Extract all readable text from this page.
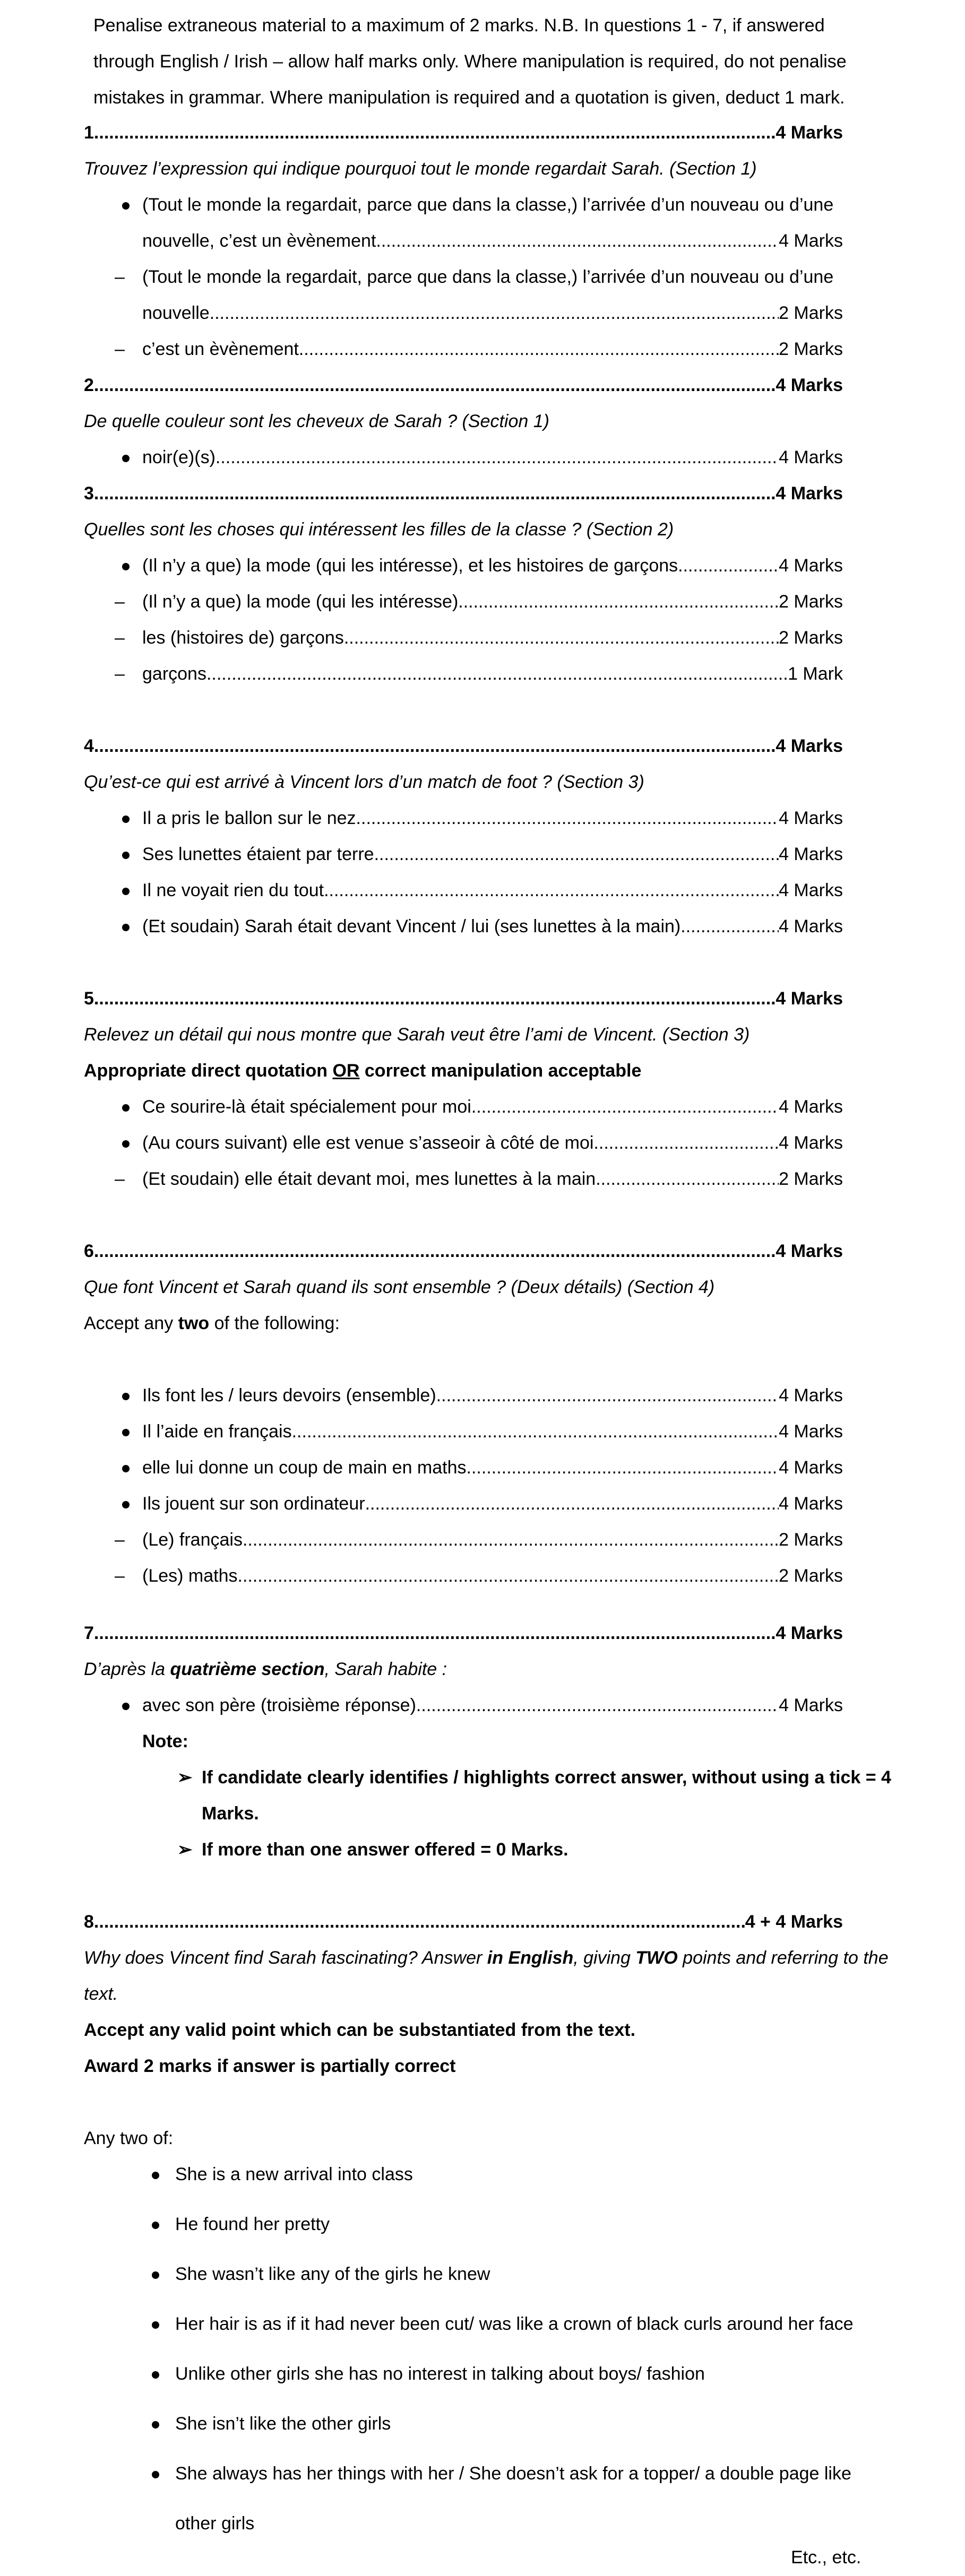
Penalise extraneous material to a maximum of 2 marks. N.B. In questions 1 - 7, if answered
through English / Irish – allow half marks only. Where manipulation is required, do not penalise
mistakes in grammar. Where manipulation is required and a quotation is given, deduct 1 mark.
1 .....	4 Marks
Trouvez l’expression qui indique pourquoi tout le monde regardait Sarah. (Section 1)
(Tout le monde la regardait, parce que dans la classe,) l’arrivée d’un nouveau ou d’une
nouvelle, c’est un èvènement. .....	4 Marks
– (Tout le monde la regardait, parce que dans la classe,) l’arrivée d’un nouveau ou d’une
nouvelle .....	2 Marks
– c’est un èvènement .....	2 Marks
2 .....	4 Marks
De quelle couleur sont les cheveux de Sarah ? (Section 1)
noir(e)(s) .....	4 Marks
3 .....	4 Marks
Quelles sont les choses qui intéressent les filles de la classe ? (Section 2)
(Il n’y a que) la mode (qui les intéresse), et les histoires de garçons .....	4 Marks
– (Il n’y a que) la mode (qui les intéresse) .....	2 Marks
– les (histoires de) garçons .....	2 Marks
– garçons .....	1 Mark
4 .....	4 Marks
Qu’est-ce qui est arrivé à Vincent lors d’un match de foot ? (Section 3)
Il a pris le ballon sur le nez .....	4 Marks
Ses lunettes étaient par terre .....	4 Marks
Il ne voyait rien du tout .....	4 Marks
(Et soudain) Sarah était devant Vincent / lui (ses lunettes à la main) .....	4 Marks
5 .....	4 Marks
Relevez un détail qui nous montre que Sarah veut être l’ami de Vincent. (Section 3)
Appropriate direct quotation OR correct manipulation acceptable
Ce sourire-là était spécialement pour moi. .....	4 Marks
(Au cours suivant) elle est venue s’asseoir à côté de moi .....	4 Marks
– (Et soudain) elle était devant moi, mes lunettes à la main .....	2 Marks
6 .....	4 Marks
Que font Vincent et Sarah quand ils sont ensemble ? (Deux détails) (Section 4)
Accept any two of the following:
Ils font les / leurs devoirs (ensemble) .....	4 Marks
Il l’aide en français .....	4 Marks
elle lui donne un coup de main en maths .....	4 Marks
Ils jouent sur son ordinateur .....	4 Marks
– (Le) français .....	2 Marks
– (Les) maths .....	2 Marks
7 .....	4 Marks
D’après la quatrième section, Sarah habite :
avec son père (troisième réponse) .....	4 Marks
Note:
➢ If candidate clearly identifies / highlights correct answer, without using a tick = 4
Marks.
➢ If more than one answer offered = 0 Marks.
8 .....	4 + 4 Marks
Why does Vincent find Sarah fascinating? Answer in English, giving TWO points and referring to the
text.
Accept any valid point which can be substantiated from the text.
Award 2 marks if answer is partially correct
Any two of:
She is a new arrival into class
He found her pretty
She wasn’t like any of the girls he knew
Her hair is as if it had never been cut/ was like a crown of black curls around her face
Unlike other girls she has no interest in talking about boys/ fashion
She isn’t like the other girls
She always has her things with her / She doesn’t ask for a topper/ a double page like
other girls
Etc., etc.
